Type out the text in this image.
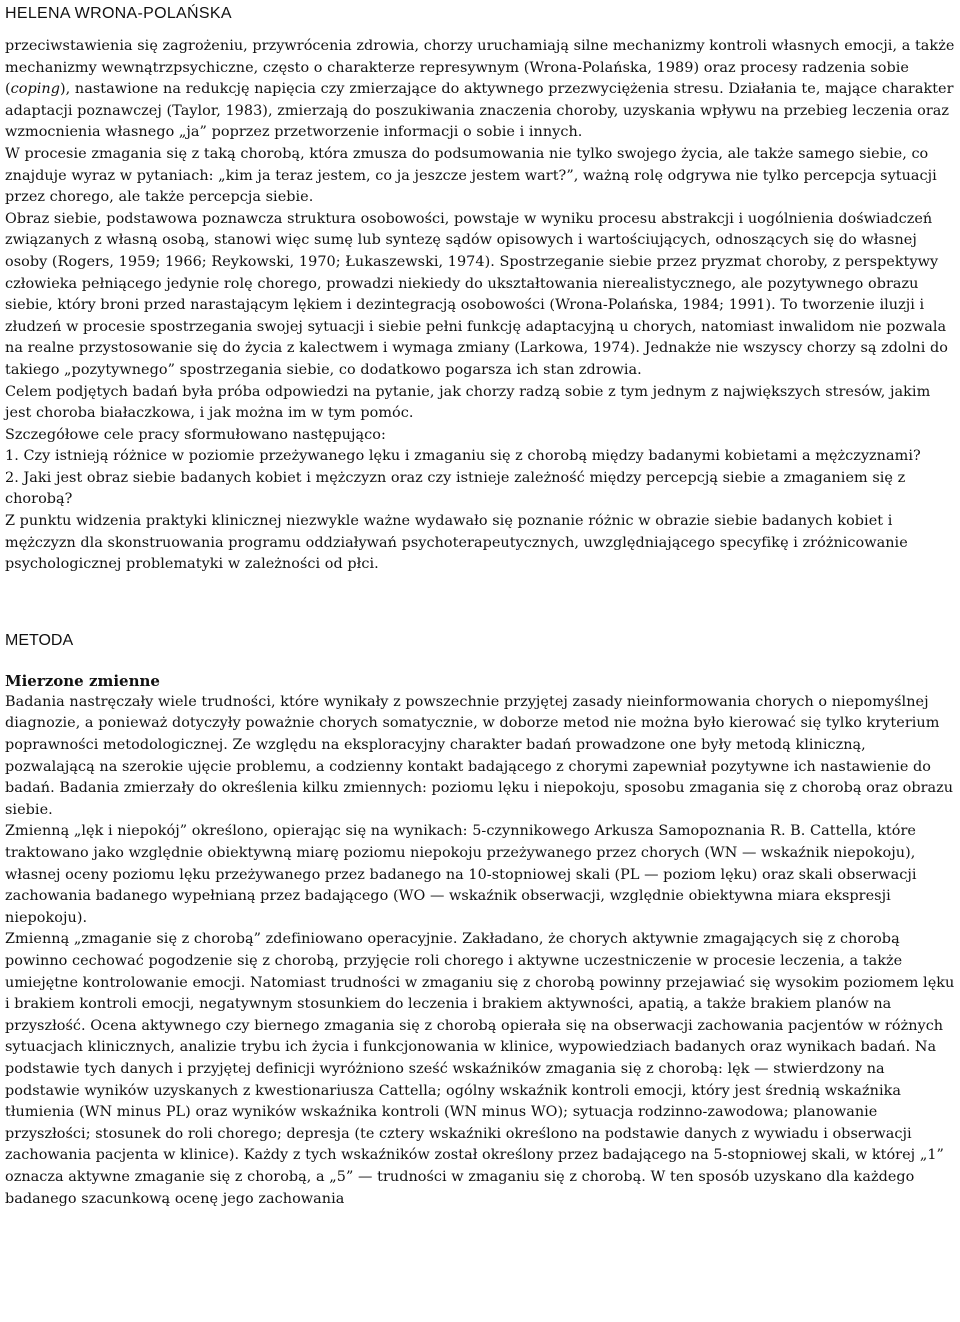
HELENA WRONA-POLAŃSKA

przeciwstawienia się zagrożeniu, przywrócenia zdrowia, chorzy uruchamiają silne mechanizmy kontroli własnych emocji, a także mechanizmy wewnątrzpsychiczne, często o charakterze represywnym (Wrona-Polańska, 1989) oraz procesy radzenia sobie (coping), nastawione na redukcję napięcia czy zmierzające do aktywnego przezwyciężenia stresu. Działania te, mające charakter adaptacji poznawczej (Taylor, 1983), zmierzają do poszukiwania znaczenia choroby, uzyskania wpływu na przebieg leczenia oraz wzmocnienia własnego „ja” poprzez przetworzenie informacji o sobie i innych.

W procesie zmagania się z taką chorobą, która zmusza do podsumowania nie tylko swojego życia, ale także samego siebie, co znajduje wyraz w pytaniach: „kim ja teraz jestem, co ja jeszcze jestem wart?”, ważną rolę odgrywa nie tylko percepcja sytuacji przez chorego, ale także percepcja siebie.

Obraz siebie, podstawowa poznawcza struktura osobowości, powstaje w wyniku procesu abstrakcji i uogólnienia doświadczeń związanych z własną osobą, stanowi więc sumę lub syntezę sądów opisowych i wartościujących, odnoszących się do własnej osoby (Rogers, 1959; 1966; Reykowski, 1970; Łukaszewski, 1974). Spostrzeganie siebie przez pryzmat choroby, z perspektywy człowieka pełniącego jedynie rolę chorego, prowadzi niekiedy do ukształtowania nierealistycznego, ale pozytywnego obrazu siebie, który broni przed narastającym lękiem i dezintegracją osobowości (Wrona-Polańska, 1984; 1991). To tworzenie iluzji i złudzeń w procesie spostrzegania swojej sytuacji i siebie pełni funkcję adaptacyjną u chorych, natomiast inwalidom nie pozwala na realne przystosowanie się do życia z kalectwem i wymaga zmiany (Larkowa, 1974). Jednakże nie wszyscy chorzy są zdolni do takiego „pozytywnego” spostrzegania siebie, co dodatkowo pogarsza ich stan zdrowia.

Celem podjętych badań była próba odpowiedzi na pytanie, jak chorzy radzą sobie z tym jednym z największych stresów, jakim jest choroba białaczkowa, i jak można im w tym pomóc.

Szczegółowe cele pracy sformułowano następująco:

1. Czy istnieją różnice w poziomie przeżywanego lęku i zmaganiu się z chorobą między badanymi kobietami a mężczyznami?

2. Jaki jest obraz siebie badanych kobiet i mężczyzn oraz czy istnieje zależność między percepcją siebie a zmaganiem się z chorobą?

Z punktu widzenia praktyki klinicznej niezwykle ważne wydawało się poznanie różnic w obrazie siebie badanych kobiet i mężczyzn dla skonstruowania programu oddziaływań psychoterapeutycznych, uwzględniającego specyfikę i zróżnicowanie psychologicznej problematyki w zależności od płci.

METODA

Mierzone zmienne

Badania nastręczały wiele trudności, które wynikały z powszechnie przyjętej zasady nieinformowania chorych o niepomyślnej diagnozie, a ponieważ dotyczyły poważnie chorych somatycznie, w doborze metod nie można było kierować się tylko kryterium poprawności metodologicznej. Ze względu na eksploracyjny charakter badań prowadzone one były metodą kliniczną, pozwalającą na szerokie ujęcie problemu, a codzienny kontakt badającego z chorymi zapewniał pozytywne ich nastawienie do badań. Badania zmierzały do określenia kilku zmiennych: poziomu lęku i niepokoju, sposobu zmagania się z chorobą oraz obrazu siebie.

Zmienną „lęk i niepokój” określono, opierając się na wynikach: 5-czynnikowego Arkusza Samopoznania R. B. Cattella, które traktowano jako względnie obiektywną miarę poziomu niepokoju przeżywanego przez chorych (WN — wskaźnik niepokoju), własnej oceny poziomu lęku przeżywanego przez badanego na 10-stopniowej skali (PL — poziom lęku) oraz skali obserwacji zachowania badanego wypełnianą przez badającego (WO — wskaźnik obserwacji, względnie obiektywna miara ekspresji niepokoju).

Zmienną „zmaganie się z chorobą” zdefiniowano operacyjnie. Zakładano, że chorych aktywnie zmagających się z chorobą powinno cechować pogodzenie się z chorobą, przyjęcie roli chorego i aktywne uczestniczenie w procesie leczenia, a także umiejętne kontrolowanie emocji. Natomiast trudności w zmaganiu się z chorobą powinny przejawiać się wysokim poziomem lęku i brakiem kontroli emocji, negatywnym stosunkiem do leczenia i brakiem aktywności, apatią, a także brakiem planów na przyszłość. Ocena aktywnego czy biernego zmagania się z chorobą opierała się na obserwacji zachowania pacjentów w różnych sytuacjach klinicznych, analizie trybu ich życia i funkcjonowania w klinice, wypowiedziach badanych oraz wynikach badań. Na podstawie tych danych i przyjętej definicji wyróżniono sześć wskaźników zmagania się z chorobą: lęk — stwierdzony na podstawie wyników uzyskanych z kwestionariusza Cattella; ogólny wskaźnik kontroli emocji, który jest średnią wskaźnika tłumienia (WN minus PL) oraz wyników wskaźnika kontroli (WN minus WO); sytuacja rodzinno-zawodowa; planowanie przyszłości; stosunek do roli chorego; depresja (te cztery wskaźniki określono na podstawie danych z wywiadu i obserwacji zachowania pacjenta w klinice). Każdy z tych wskaźników został określony przez badającego na 5-stopniowej skali, w której „1” oznacza aktywne zmaganie się z chorobą, a „5” — trudności w zmaganiu się z chorobą. W ten sposób uzyskano dla każdego badanego szacunkową ocenę jego zachowania
